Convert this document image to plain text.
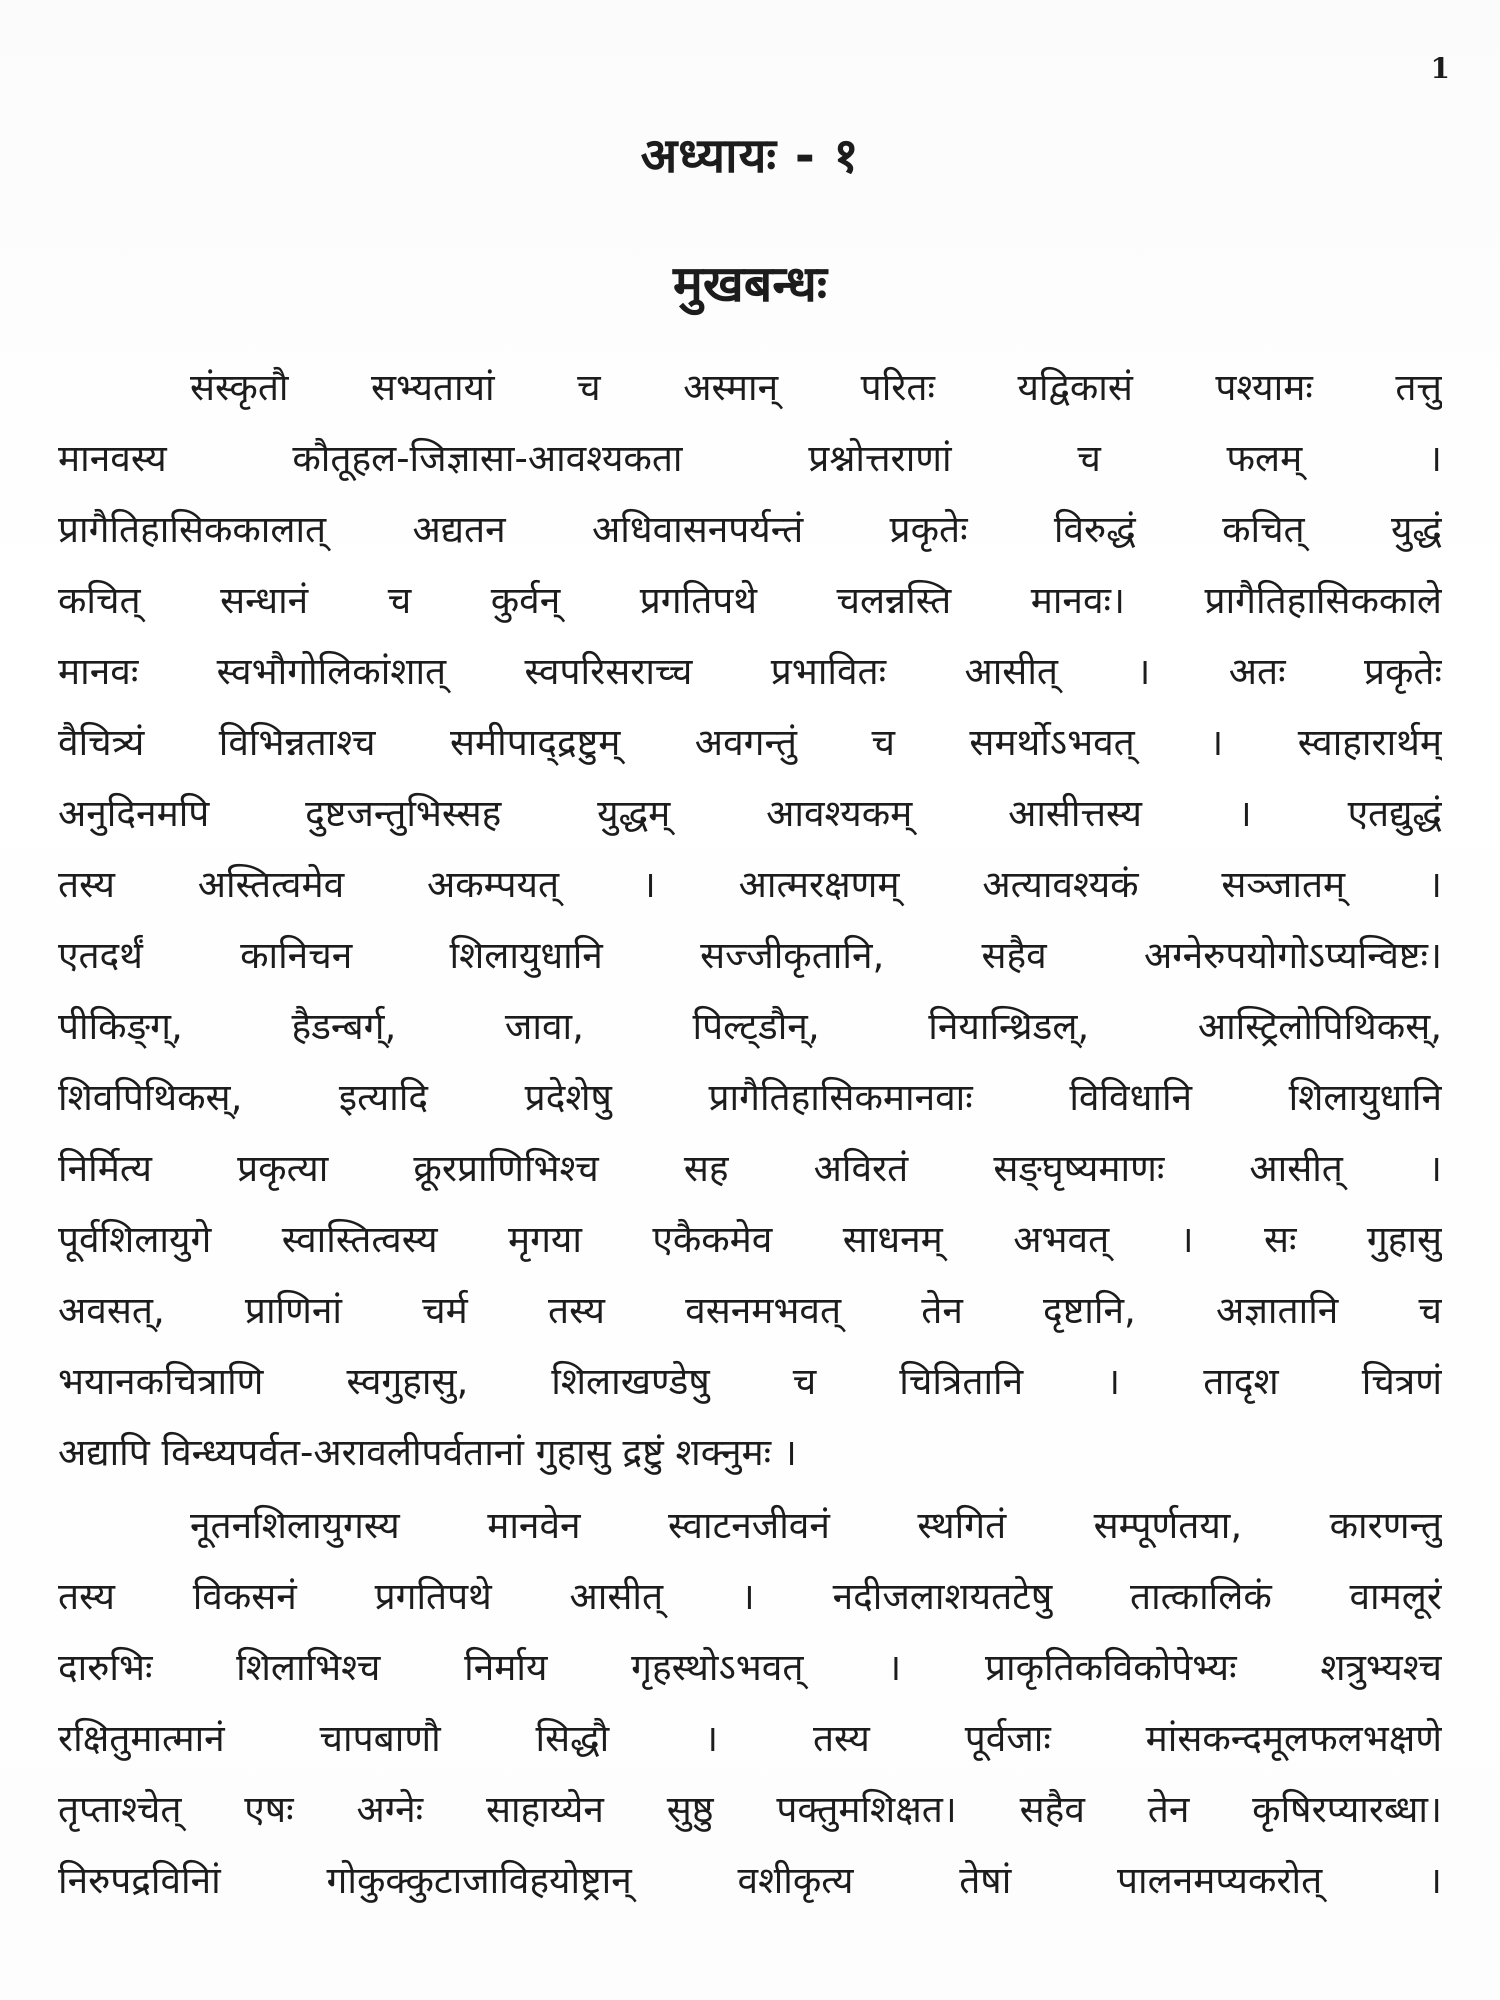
1
अध्यायः - १
मुखबन्धः
संस्कृतौ सभ्यतायां च अस्मान् परितः यद्विकासं पश्यामः तत्तु
मानवस्य कौतूहल-जिज्ञासा-आवश्यकता प्रश्नोत्तराणां च फलम् ।
प्रागैतिहासिककालात् अद्यतन अधिवासनपर्यन्तं प्रकृतेः विरुद्धं कचित् युद्धं
कचित् सन्धानं च कुर्वन् प्रगतिपथे चलन्नस्ति मानवः। प्रागैतिहासिककाले
मानवः स्वभौगोलिकांशात् स्वपरिसराच्च प्रभावितः आसीत् । अतः प्रकृतेः
वैचित्र्यं विभिन्नताश्च समीपाद्द्रष्टुम् अवगन्तुं च समर्थोऽभवत् । स्वाहारार्थम्
अनुदिनमपि दुष्टजन्तुभिस्सह युद्धम् आवश्यकम् आसीत्तस्य । एतद्युद्धं
तस्य अस्तित्वमेव अकम्पयत् । आत्मरक्षणम् अत्यावश्यकं सञ्जातम् ।
एतदर्थं कानिचन शिलायुधानि सज्जीकृतानि, सहैव अग्नेरुपयोगोऽप्यन्विष्टः।
पीकिङ्ग्, हैडन्बर्ग्, जावा, पिल्ट्डौन्, नियान्थ्रिडल्, आस्ट्रिलोपिथिकस्,
शिवपिथिकस्, इत्यादि प्रदेशेषु प्रागैतिहासिकमानवाः विविधानि शिलायुधानि
निर्मित्य प्रकृत्या क्रूरप्राणिभिश्च सह अविरतं सङ्घृष्यमाणः आसीत् ।
पूर्वशिलायुगे स्वास्तित्वस्य मृगया एकैकमेव साधनम् अभवत् । सः गुहासु
अवसत्, प्राणिनां चर्म तस्य वसनमभवत् तेन दृष्टानि, अज्ञातानि च
भयानकचित्राणि स्वगुहासु, शिलाखण्डेषु च चित्रितानि । तादृश चित्रणं
अद्यापि विन्ध्यपर्वत-अरावलीपर्वतानां गुहासु द्रष्टुं शक्नुमः ।
नूतनशिलायुगस्य मानवेन स्वाटनजीवनं स्थगितं सम्पूर्णतया, कारणन्तु
तस्य विकसनं प्रगतिपथे आसीत् । नदीजलाशयतटेषु तात्कालिकं वामलूरं
दारुभिः शिलाभिश्च निर्माय गृहस्थोऽभवत् । प्राकृतिकविकोपेभ्यः शत्रुभ्यश्च
रक्षितुमात्मानं चापबाणौ सिद्धौ । तस्य पूर्वजाः मांसकन्दमूलफलभक्षणे
तृप्ताश्चेत् एषः अग्नेः साहाय्येन सुष्ठु पक्तुमशिक्षत। सहैव तेन कृषिरप्यारब्धा।
निरुपद्रविनिां गोकुक्कुटाजाविहयोष्ट्रान् वशीकृत्य तेषां पालनमप्यकरोत् ।
